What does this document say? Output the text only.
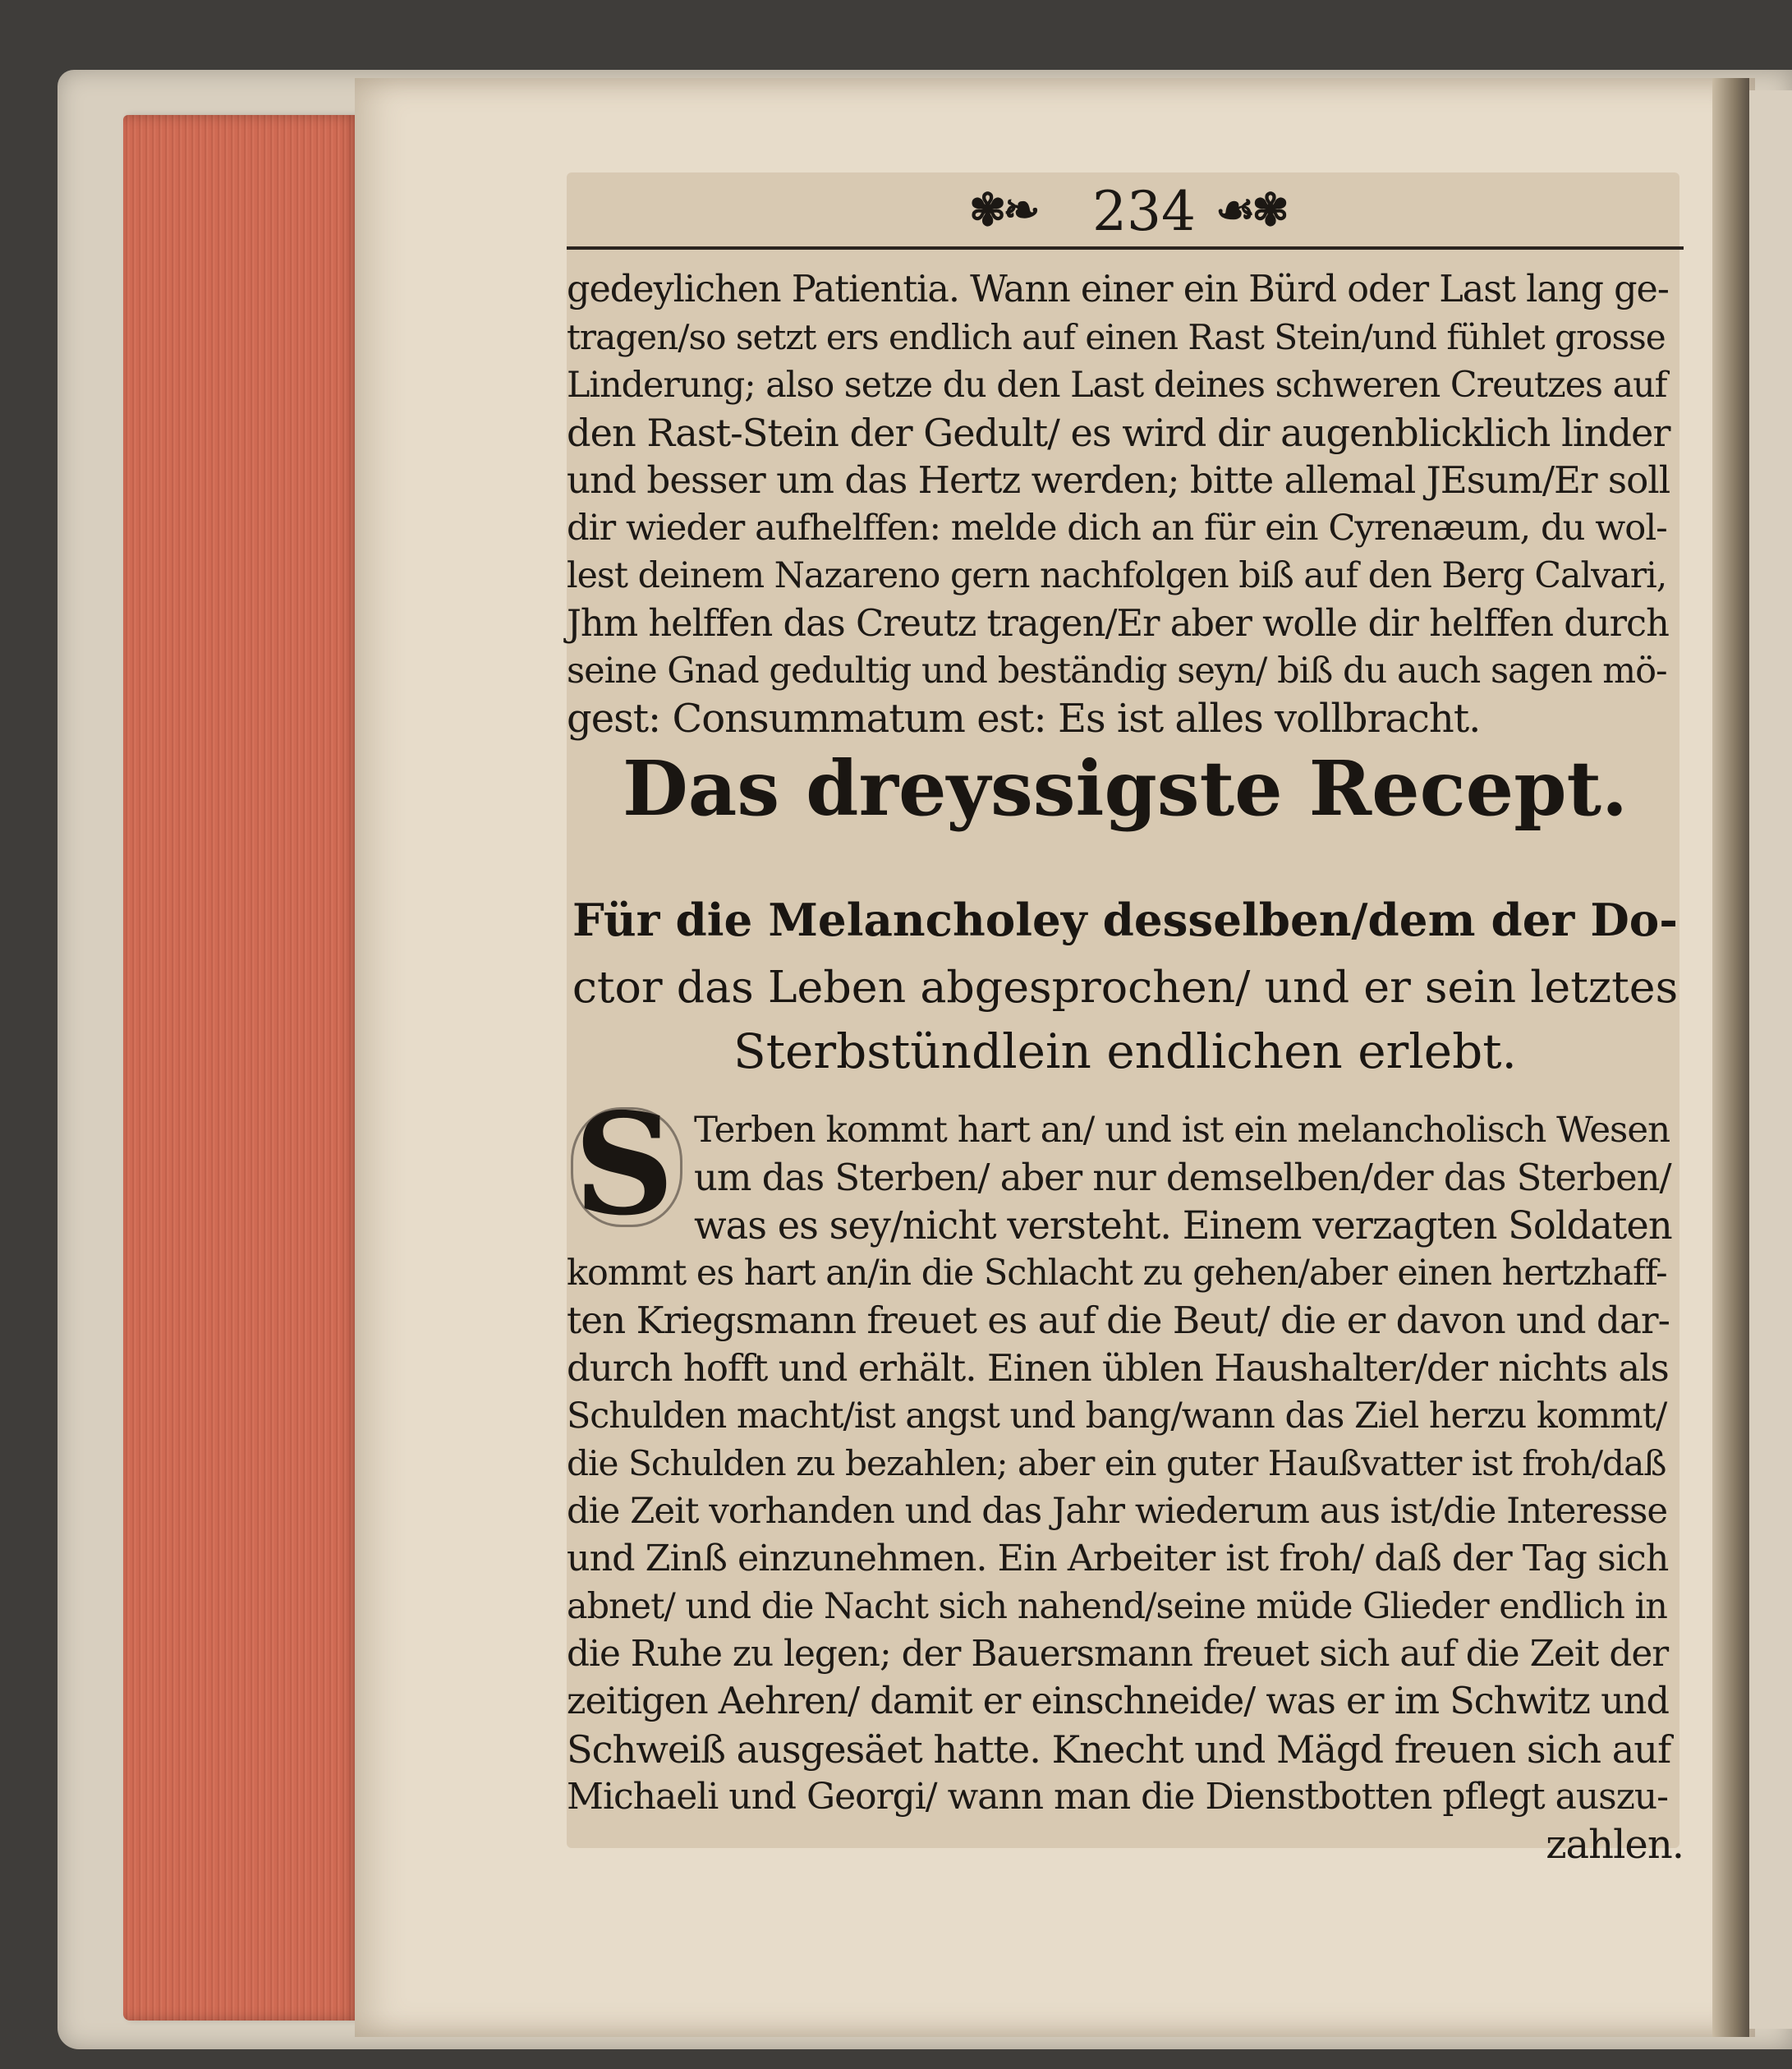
✾❧ 234 ☙✾
gedeylichen Patientia. Wann einer ein Bürd oder Last lang ge-
tragen/so setzt ers endlich auf einen Rast Stein/und fühlet grosse
Linderung; also setze du den Last deines schweren Creutzes auf
den Rast-Stein der Gedult/ es wird dir augenblicklich linder
und besser um das Hertz werden; bitte allemal JEsum/Er soll
dir wieder aufhelffen: melde dich an für ein Cyrenæum, du wol-
lest deinem Nazareno gern nachfolgen biß auf den Berg Calvari,
Jhm helffen das Creutz tragen/Er aber wolle dir helffen durch
seine Gnad gedultig und beständig seyn/ biß du auch sagen mö-
gest: Consummatum est: Es ist alles vollbracht.
Das dreyssigste Recept.
Für die Melancholey desselben/dem der Do-
ctor das Leben abgesprochen/ und er sein letztes
Sterbstündlein endlichen erlebt.
S Terben kommt hart an/ und ist ein melancholisch Wesen
um das Sterben/ aber nur demselben/der das Sterben/
was es sey/nicht versteht. Einem verzagten Soldaten
kommt es hart an/in die Schlacht zu gehen/aber einen hertzhaff-
ten Kriegsmann freuet es auf die Beut/ die er davon und dar-
durch hofft und erhält. Einen üblen Haushalter/der nichts als
Schulden macht/ist angst und bang/wann das Ziel herzu kommt/
die Schulden zu bezahlen; aber ein guter Haußvatter ist froh/daß
die Zeit vorhanden und das Jahr wiederum aus ist/die Interesse
und Zinß einzunehmen. Ein Arbeiter ist froh/ daß der Tag sich
abnet/ und die Nacht sich nahend/seine müde Glieder endlich in
die Ruhe zu legen; der Bauersmann freuet sich auf die Zeit der
zeitigen Aehren/ damit er einschneide/ was er im Schwitz und
Schweiß ausgesäet hatte. Knecht und Mägd freuen sich auf
Michaeli und Georgi/ wann man die Dienstbotten pflegt auszu-
zahlen.
